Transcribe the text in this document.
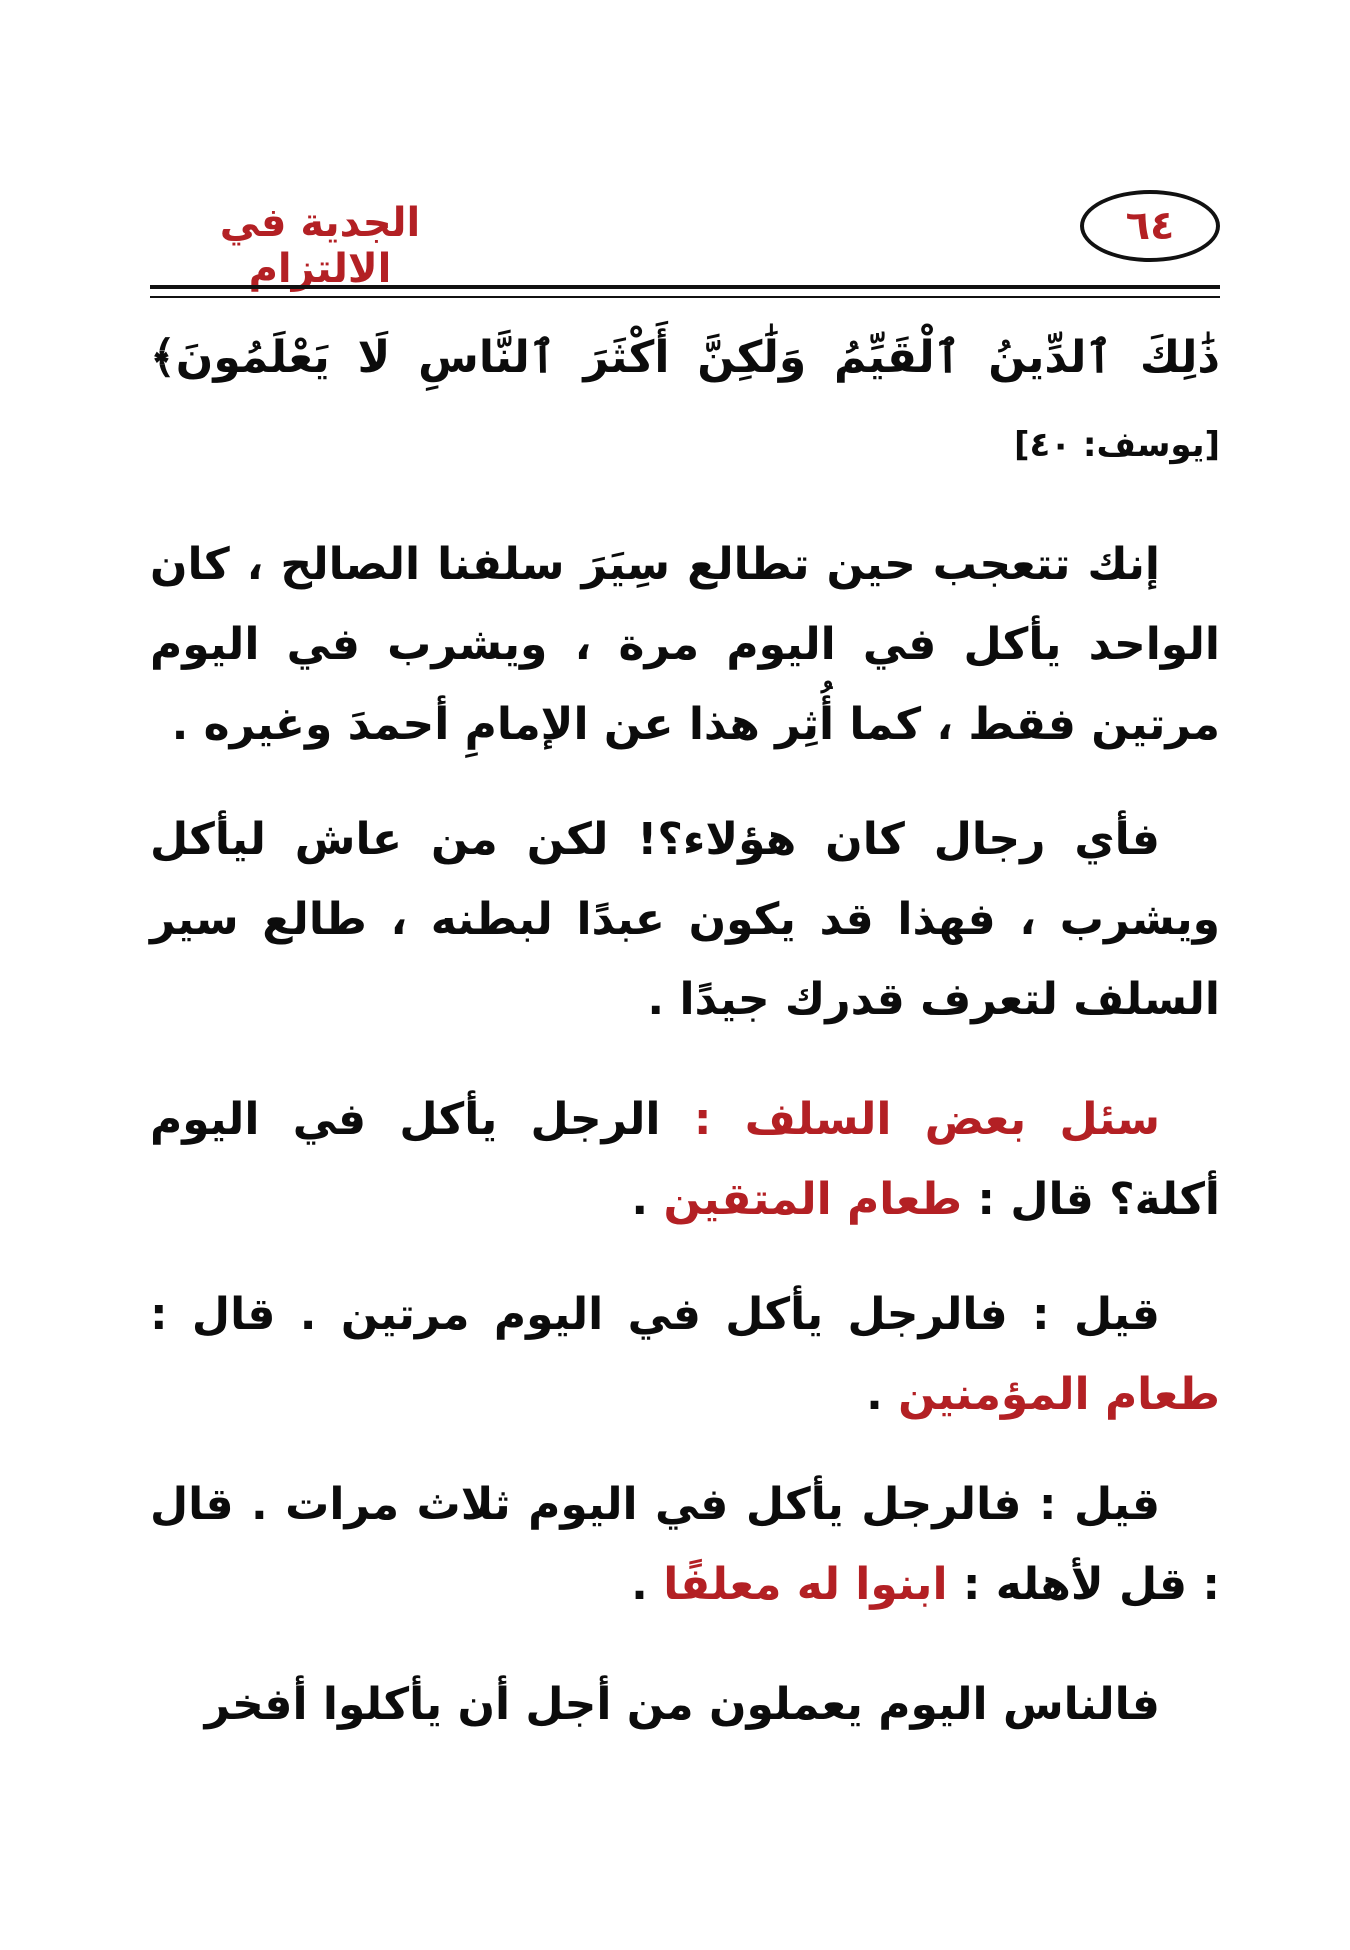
الجدية في الالتزام
٦٤
ذَٰلِكَ ٱلدِّينُ ٱلْقَيِّمُ وَلَٰكِنَّ أَكْثَرَ ٱلنَّاسِ لَا يَعْلَمُونَ﴾
[يوسف: ٤٠]
إنك تتعجب حين تطالع سِيَرَ سلفنا الصالح ، كان الواحد يأكل في اليوم مرة ، ويشرب في اليوم مرتين فقط ، كما أُثِر هذا عن الإمامِ أحمدَ وغيره .
فأي رجال كان هؤلاء؟! لكن من عاش ليأكل ويشرب ، فهذا قد يكون عبدًا لبطنه ، طالع سير السلف لتعرف قدرك جيدًا .
سئل بعض السلف : الرجل يأكل في اليوم أكلة؟ قال : طعام المتقين .
قيل : فالرجل يأكل في اليوم مرتين . قال : طعام المؤمنين .
قيل : فالرجل يأكل في اليوم ثلاث مرات . قال : قل لأهله : ابنوا له معلفًا .
فالناس اليوم يعملون من أجل أن يأكلوا أفخر
